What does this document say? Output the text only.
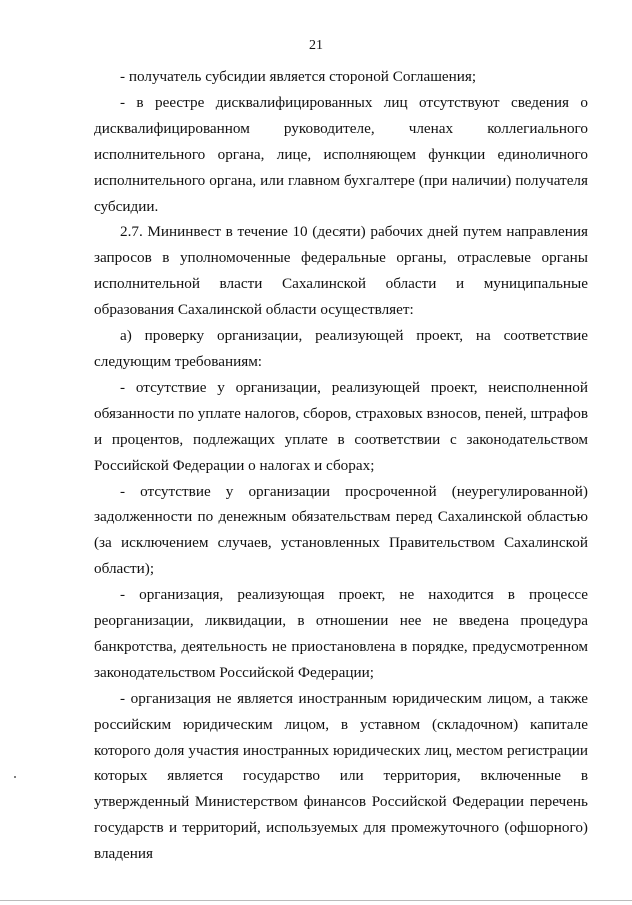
21

- получатель субсидии является стороной Соглашения;

- в реестре дисквалифицированных лиц отсутствуют сведения о дисквалифицированном руководителе, членах коллегиального исполнительного органа, лице, исполняющем функции единоличного исполнительного органа, или главном бухгалтере (при наличии) получателя субсидии.

2.7. Мининвест в течение 10 (десяти) рабочих дней путем направления запросов в уполномоченные федеральные органы, отраслевые органы исполнительной власти Сахалинской области и муниципальные образования Сахалинской области осуществляет:

а) проверку организации, реализующей проект, на соответствие следующим требованиям:

- отсутствие у организации, реализующей проект, неисполненной обязанности по уплате налогов, сборов, страховых взносов, пеней, штрафов и процентов, подлежащих уплате в соответствии с законодательством Российской Федерации о налогах и сборах;

- отсутствие у организации просроченной (неурегулированной) задолженности по денежным обязательствам перед Сахалинской областью (за исключением случаев, установленных Правительством Сахалинской области);

- организация, реализующая проект, не находится в процессе реорганизации, ликвидации, в отношении нее не введена процедура банкротства, деятельность не приостановлена в порядке, предусмотренном законодательством Российской Федерации;

- организация не является иностранным юридическим лицом, а также российским юридическим лицом, в уставном (складочном) капитале которого доля участия иностранных юридических лиц, местом регистрации которых является государство или территория, включенные в утвержденный Министерством финансов Российской Федерации перечень государств и территорий, используемых для промежуточного (офшорного) владения
